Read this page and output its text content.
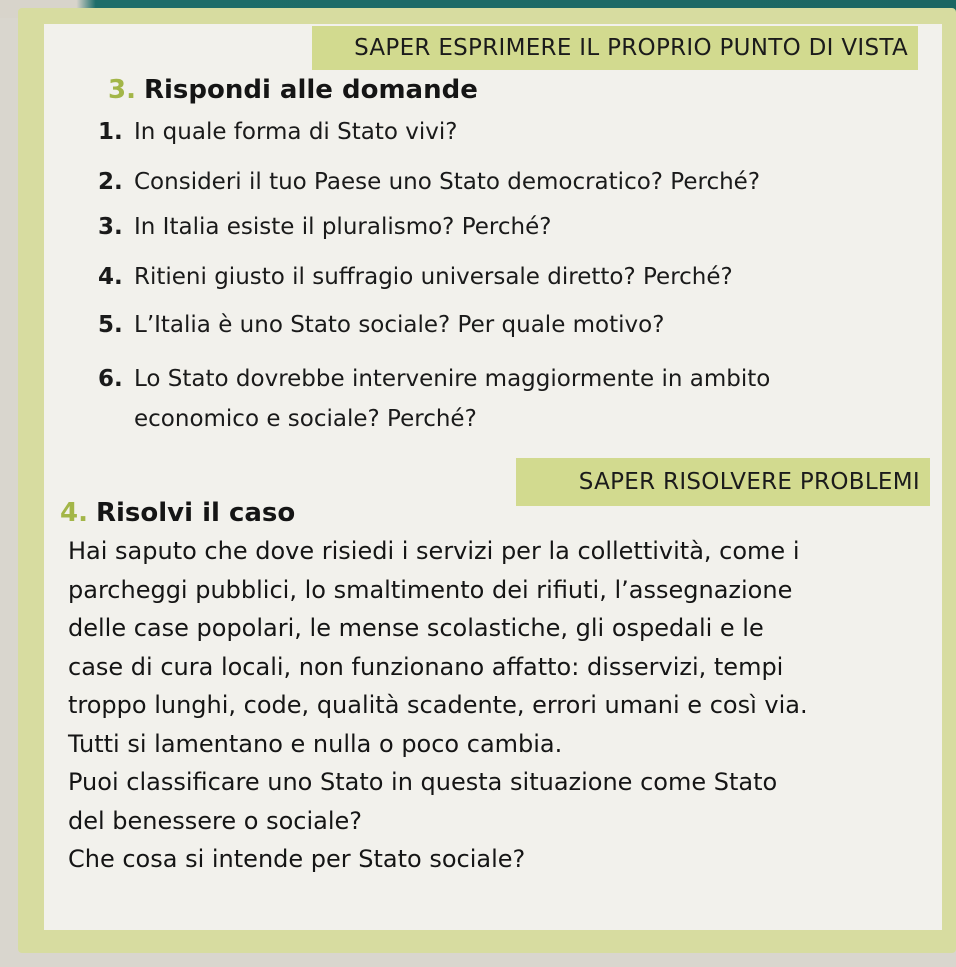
SAPER ESPRIMERE IL PROPRIO PUNTO DI VISTA
3. Rispondi alle domande
1. In quale forma di Stato vivi?
2. Consideri il tuo Paese uno Stato democratico? Perché?
3. In Italia esiste il pluralismo? Perché?
4. Ritieni giusto il suffragio universale diretto? Perché?
5. L’Italia è uno Stato sociale? Per quale motivo?
6. Lo Stato dovrebbe intervenire maggiormente in ambito
economico e sociale? Perché?
SAPER RISOLVERE PROBLEMI
4. Risolvi il caso

Hai saputo che dove risiedi i servizi per la collettività, come i

parcheggi pubblici, lo smaltimento dei rifiuti, l’assegnazione

delle case popolari, le mense scolastiche, gli ospedali e le

case di cura locali, non funzionano affatto: disservizi, tempi

troppo lunghi, code, qualità scadente, errori umani e così via.

Tutti si lamentano e nulla o poco cambia.

Puoi classificare uno Stato in questa situazione come Stato

del benessere o sociale?

Che cosa si intende per Stato sociale?
